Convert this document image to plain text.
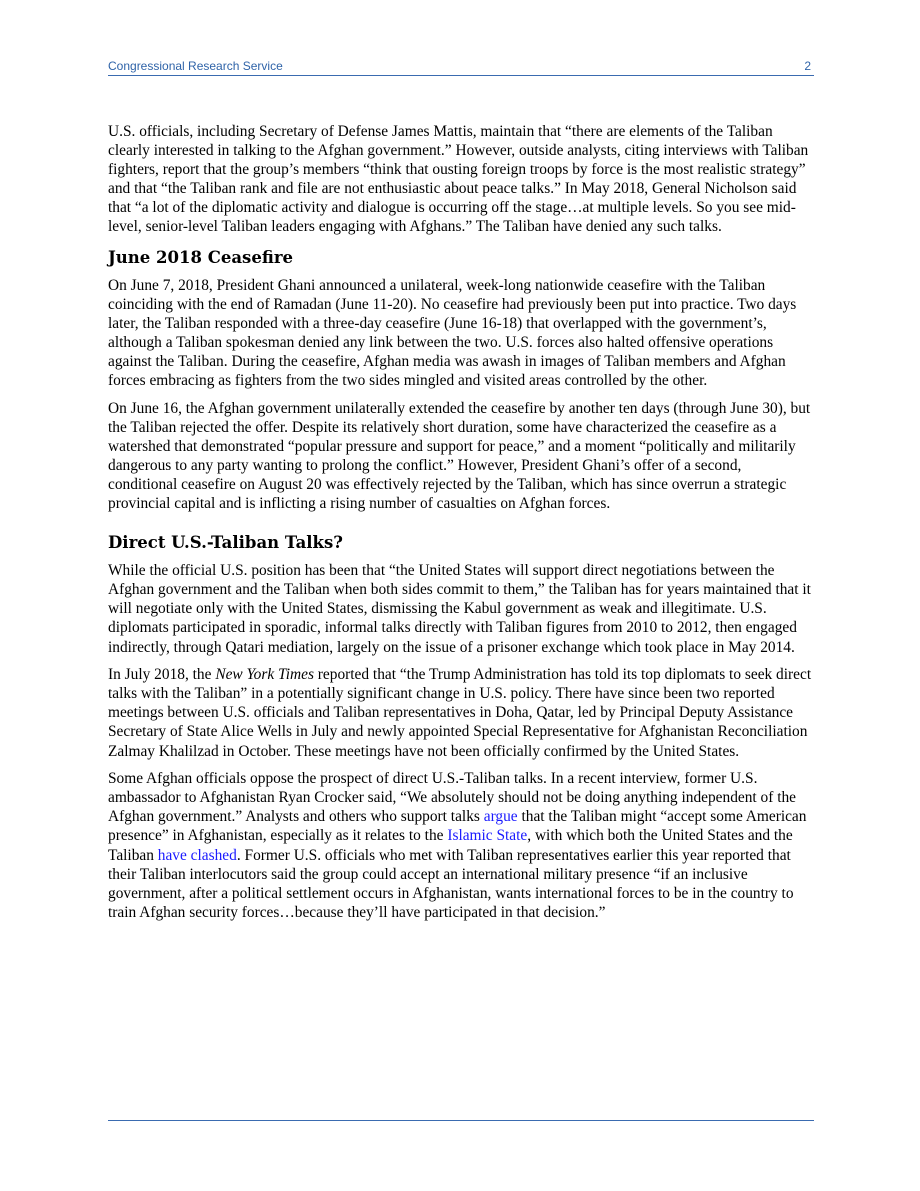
Congressional Research Service	2

U.S. officials, including Secretary of Defense James Mattis, maintain that “there are elements of the Taliban clearly interested in talking to the Afghan government.” However, outside analysts, citing interviews with Taliban fighters, report that the group’s members “think that ousting foreign troops by force is the most realistic strategy” and that “the Taliban rank and file are not enthusiastic about peace talks.” In May 2018, General Nicholson said that “a lot of the diplomatic activity and dialogue is occurring off the stage…at multiple levels. So you see mid-level, senior-level Taliban leaders engaging with Afghans.” The Taliban have denied any such talks.

June 2018 Ceasefire

On June 7, 2018, President Ghani announced a unilateral, week-long nationwide ceasefire with the Taliban coinciding with the end of Ramadan (June 11-20). No ceasefire had previously been put into practice. Two days later, the Taliban responded with a three-day ceasefire (June 16-18) that overlapped with the government’s, although a Taliban spokesman denied any link between the two. U.S. forces also halted offensive operations against the Taliban. During the ceasefire, Afghan media was awash in images of Taliban members and Afghan forces embracing as fighters from the two sides mingled and visited areas controlled by the other.

On June 16, the Afghan government unilaterally extended the ceasefire by another ten days (through June 30), but the Taliban rejected the offer. Despite its relatively short duration, some have characterized the ceasefire as a watershed that demonstrated “popular pressure and support for peace,” and a moment “politically and militarily dangerous to any party wanting to prolong the conflict.” However, President Ghani’s offer of a second, conditional ceasefire on August 20 was effectively rejected by the Taliban, which has since overrun a strategic provincial capital and is inflicting a rising number of casualties on Afghan forces.

Direct U.S.-Taliban Talks?

While the official U.S. position has been that “the United States will support direct negotiations between the Afghan government and the Taliban when both sides commit to them,” the Taliban has for years maintained that it will negotiate only with the United States, dismissing the Kabul government as weak and illegitimate. U.S. diplomats participated in sporadic, informal talks directly with Taliban figures from 2010 to 2012, then engaged indirectly, through Qatari mediation, largely on the issue of a prisoner exchange which took place in May 2014.

In July 2018, the New York Times reported that “the Trump Administration has told its top diplomats to seek direct talks with the Taliban” in a potentially significant change in U.S. policy. There have since been two reported meetings between U.S. officials and Taliban representatives in Doha, Qatar, led by Principal Deputy Assistance Secretary of State Alice Wells in July and newly appointed Special Representative for Afghanistan Reconciliation Zalmay Khalilzad in October. These meetings have not been officially confirmed by the United States.

Some Afghan officials oppose the prospect of direct U.S.-Taliban talks. In a recent interview, former U.S. ambassador to Afghanistan Ryan Crocker said, “We absolutely should not be doing anything independent of the Afghan government.” Analysts and others who support talks argue that the Taliban might “accept some American presence” in Afghanistan, especially as it relates to the Islamic State, with which both the United States and the Taliban have clashed. Former U.S. officials who met with Taliban representatives earlier this year reported that their Taliban interlocutors said the group could accept an international military presence “if an inclusive government, after a political settlement occurs in Afghanistan, wants international forces to be in the country to train Afghan security forces…because they’ll have participated in that decision.”
